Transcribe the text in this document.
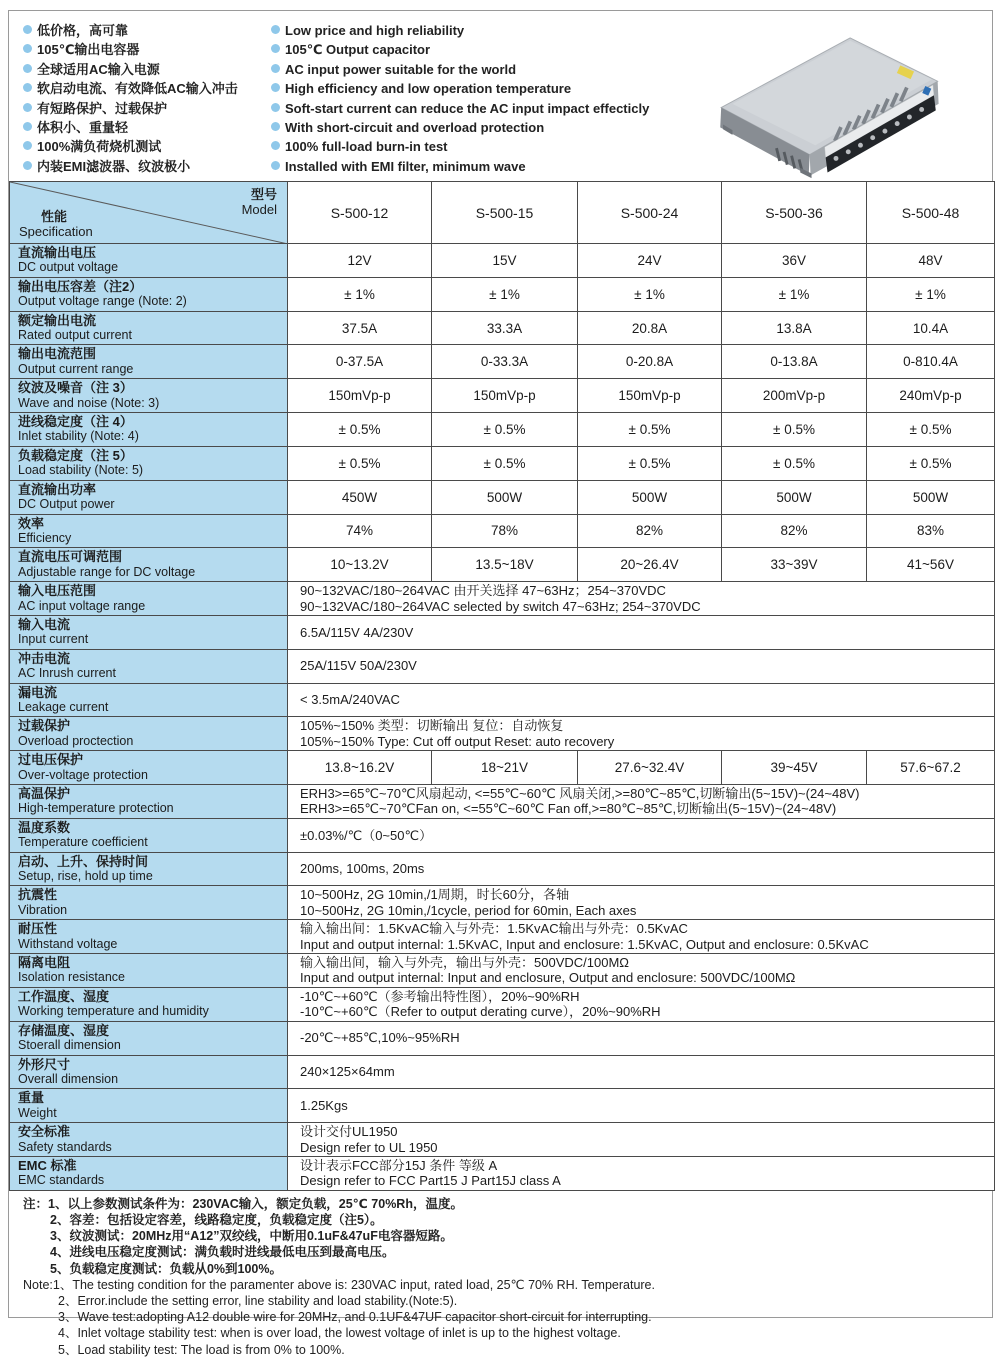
低价格，高可靠
105℃输出电容器
全球适用AC输入电源
软启动电流、有效降低AC输入冲击
有短路保护、过载保护
体积小、重量轻
100%满负荷烧机测试
内装EMI滤波器、纹波极小
Low price and high reliability
105℃ Output capacitor
AC input power suitable for the world
High efficiency and low operation temperature
Soft-start current can reduce the AC input impact effecticly
With short-circuit and overload protection
100% full-load burn-in test
Installed with EMI filter, minimum wave
型号
Model
性能
Specification	S-500-12	S-500-15	S-500-24	S-500-36	S-500-48

直流输出电压
DC output voltage	12V	15V	24V	36V	48V

输出电压容差（注2）
Output voltage range (Note: 2)	± 1%	± 1%	± 1%	± 1%	± 1%

额定输出电流
Rated output current	37.5A	33.3A	20.8A	13.8A	10.4A

输出电流范围
Output current range	0-37.5A	0-33.3A	0-20.8A	0-13.8A	0-810.4A

纹波及噪音（注 3）
Wave and noise (Note: 3)	150mVp-p	150mVp-p	150mVp-p	200mVp-p	240mVp-p

进线稳定度（注 4）
Inlet stability (Note: 4)	± 0.5%	± 0.5%	± 0.5%	± 0.5%	± 0.5%

负载稳定度（注 5）
Load stability (Note: 5)	± 0.5%	± 0.5%	± 0.5%	± 0.5%	± 0.5%

直流输出功率
DC Output power	450W	500W	500W	500W	500W

效率
Efficiency	74%	78%	82%	82%	83%

直流电压可调范围
Adjustable range for DC voltage	10~13.2V	13.5~18V	20~26.4V	33~39V	41~56V

输入电压范围
AC input voltage range

90~132VAC/180~264VAC 由开关选择 47~63Hz；254~370VDC
90~132VAC/180~264VAC selected by switch 47~63Hz; 254~370VDC

输入电流
Input current	6.5A/115V 4A/230V				

冲击电流
AC Inrush current	25A/115V 50A/230V				

漏电流
Leakage current	< 3.5mA/240VAC				

过载保护
Overload proctection

105%~150% 类型：切断输出 复位：自动恢复
105%~150% Type: Cut off output Reset: auto recovery

过电压保护
Over-voltage protection	13.8~16.2V	18~21V	27.6~32.4V	39~45V	57.6~67.2

高温保护
High-temperature protection

ERH3>=65℃~70℃风扇起动, <=55℃~60℃ 风扇关闭,>=80℃~85℃,切断输出(5~15V)~(24~48V)
ERH3>=65℃~70℃Fan on, <=55℃~60℃ Fan off,>=80℃~85℃,切断输出(5~15V)~(24~48V)

温度系数
Temperature coefficient	±0.03%/℃（0~50℃）				

启动、上升、保持时间
Setup, rise, hold up time	200ms, 100ms, 20ms				

抗震性
Vibration

10~500Hz, 2G 10min,/1周期，时长60分，各轴
10~500Hz, 2G 10min,/1cycle, period for 60min, Each axes

耐压性
Withstand voltage

输入输出间：1.5KvAC输入与外壳：1.5KvAC输出与外壳：0.5KvAC
Input and output internal: 1.5KvAC, Input and enclosure: 1.5KvAC, Output and enclosure: 0.5KvAC

隔离电阻
Isolation resistance

输入输出间，输入与外壳，输出与外壳：500VDC/100MΩ
Input and output internal: Input and enclosure, Output and enclosure: 500VDC/100MΩ

工作温度、湿度
Working temperature and humidity

-10℃~+60℃（参考输出特性图），20%~90%RH
-10℃~+60℃（Refer to output derating curve），20%~90%RH

存储温度、湿度
Stoerall dimension	-20℃~+85℃,10%~95%RH				

外形尺寸
Overall dimension	240×125×64mm				

重量
Weight	1.25Kgs				

安全标准
Safety standards

设计交付UL1950
Design refer to UL 1950

EMC 标准
EMC standards

设计表示FCC部分15J 条件 等级 A
Design refer to FCC Part15 J Part15J class A
注：1、以上参数测试条件为：230VAC输入，额定负载，25℃ 70%Rh，温度。
2、容差：包括设定容差，线路稳定度，负载稳定度（注5）。
3、纹波测试：20MHz用“A12”双绞线，中断用0.1uF&47uF电容器短路。
4、进线电压稳定度测试：满负载时进线最低电压到最高电压。
5、负载稳定度测试：负载从0%到100%。
Note:1、The testing condition for the paramenter above is: 230VAC input, rated load, 25℃ 70% RH. Temperature.
2、Error.include the setting error, line stability and load stability.(Note:5).
3、Wave test:adopting A12 double wire for 20MHz, and 0.1UF&47UF capacitor short-circuit for interrupting.
4、Inlet voltage stability test: when is over load, the lowest voltage of inlet is up to the highest voltage.
5、Load stability test: The load is from 0% to 100%.
